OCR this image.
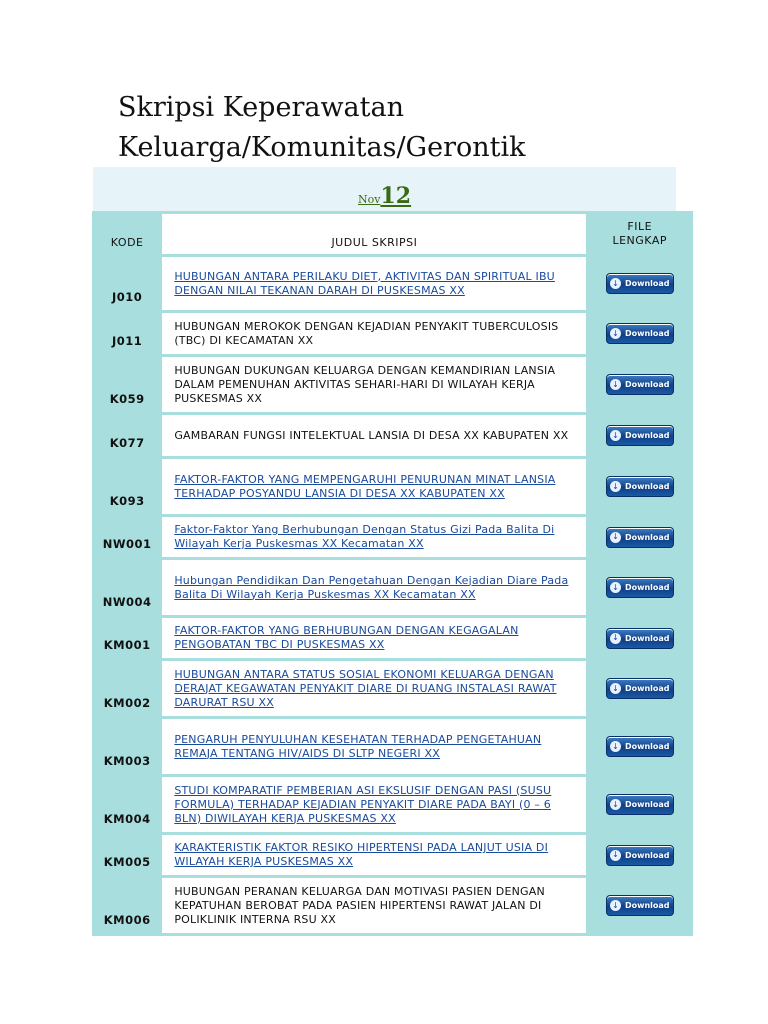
Skripsi Keperawatan
Keluarga/Komunitas/Gerontik
Nov12
KODE	JUDUL SKRIPSI	FILE
LENGKAP

J010	HUBUNGAN ANTARA PERILAKU DIET, AKTIVITAS DAN SPIRITUAL IBU DENGAN NILAI TEKANAN DARAH DI PUSKESMAS XX	↓ Download

J011	HUBUNGAN MEROKOK DENGAN KEJADIAN PENYAKIT TUBERCULOSIS (TBC) DI KECAMATAN XX	↓ Download

K059	HUBUNGAN DUKUNGAN KELUARGA DENGAN KEMANDIRIAN LANSIA DALAM PEMENUHAN AKTIVITAS SEHARI-HARI DI WILAYAH KERJA PUSKESMAS XX	↓ Download

K077	GAMBARAN FUNGSI INTELEKTUAL LANSIA DI DESA XX KABUPATEN XX	↓ Download

K093	FAKTOR-FAKTOR YANG MEMPENGARUHI PENURUNAN MINAT LANSIA TERHADAP POSYANDU LANSIA DI DESA XX KABUPATEN XX	↓ Download

NW001	Faktor-Faktor Yang Berhubungan Dengan Status Gizi Pada Balita Di Wilayah Kerja Puskesmas XX Kecamatan XX	↓ Download

NW004	Hubungan Pendidikan Dan Pengetahuan Dengan Kejadian Diare Pada Balita Di Wilayah Kerja Puskesmas XX Kecamatan XX	↓ Download

KM001	FAKTOR-FAKTOR YANG BERHUBUNGAN DENGAN KEGAGALAN PENGOBATAN TBC DI PUSKESMAS XX	↓ Download

KM002	HUBUNGAN ANTARA STATUS SOSIAL EKONOMI KELUARGA DENGAN DERAJAT KEGAWATAN PENYAKIT DIARE DI RUANG INSTALASI RAWAT DARURAT RSU XX	↓ Download

KM003	PENGARUH PENYULUHAN KESEHATAN TERHADAP PENGETAHUAN REMAJA TENTANG HIV/AIDS DI SLTP NEGERI XX	↓ Download

KM004	STUDI KOMPARATIF PEMBERIAN ASI EKSLUSIF DENGAN PASI (SUSU FORMULA) TERHADAP KEJADIAN PENYAKIT DIARE PADA BAYI (0 – 6 BLN) DIWILAYAH KERJA PUSKESMAS XX	↓ Download

KM005	KARAKTERISTIK FAKTOR RESIKO HIPERTENSI PADA LANJUT USIA DI WILAYAH KERJA PUSKESMAS XX	↓ Download

KM006	HUBUNGAN PERANAN KELUARGA DAN MOTIVASI PASIEN DENGAN KEPATUHAN BEROBAT PADA PASIEN HIPERTENSI RAWAT JALAN DI POLIKLINIK INTERNA RSU XX	↓ Download
